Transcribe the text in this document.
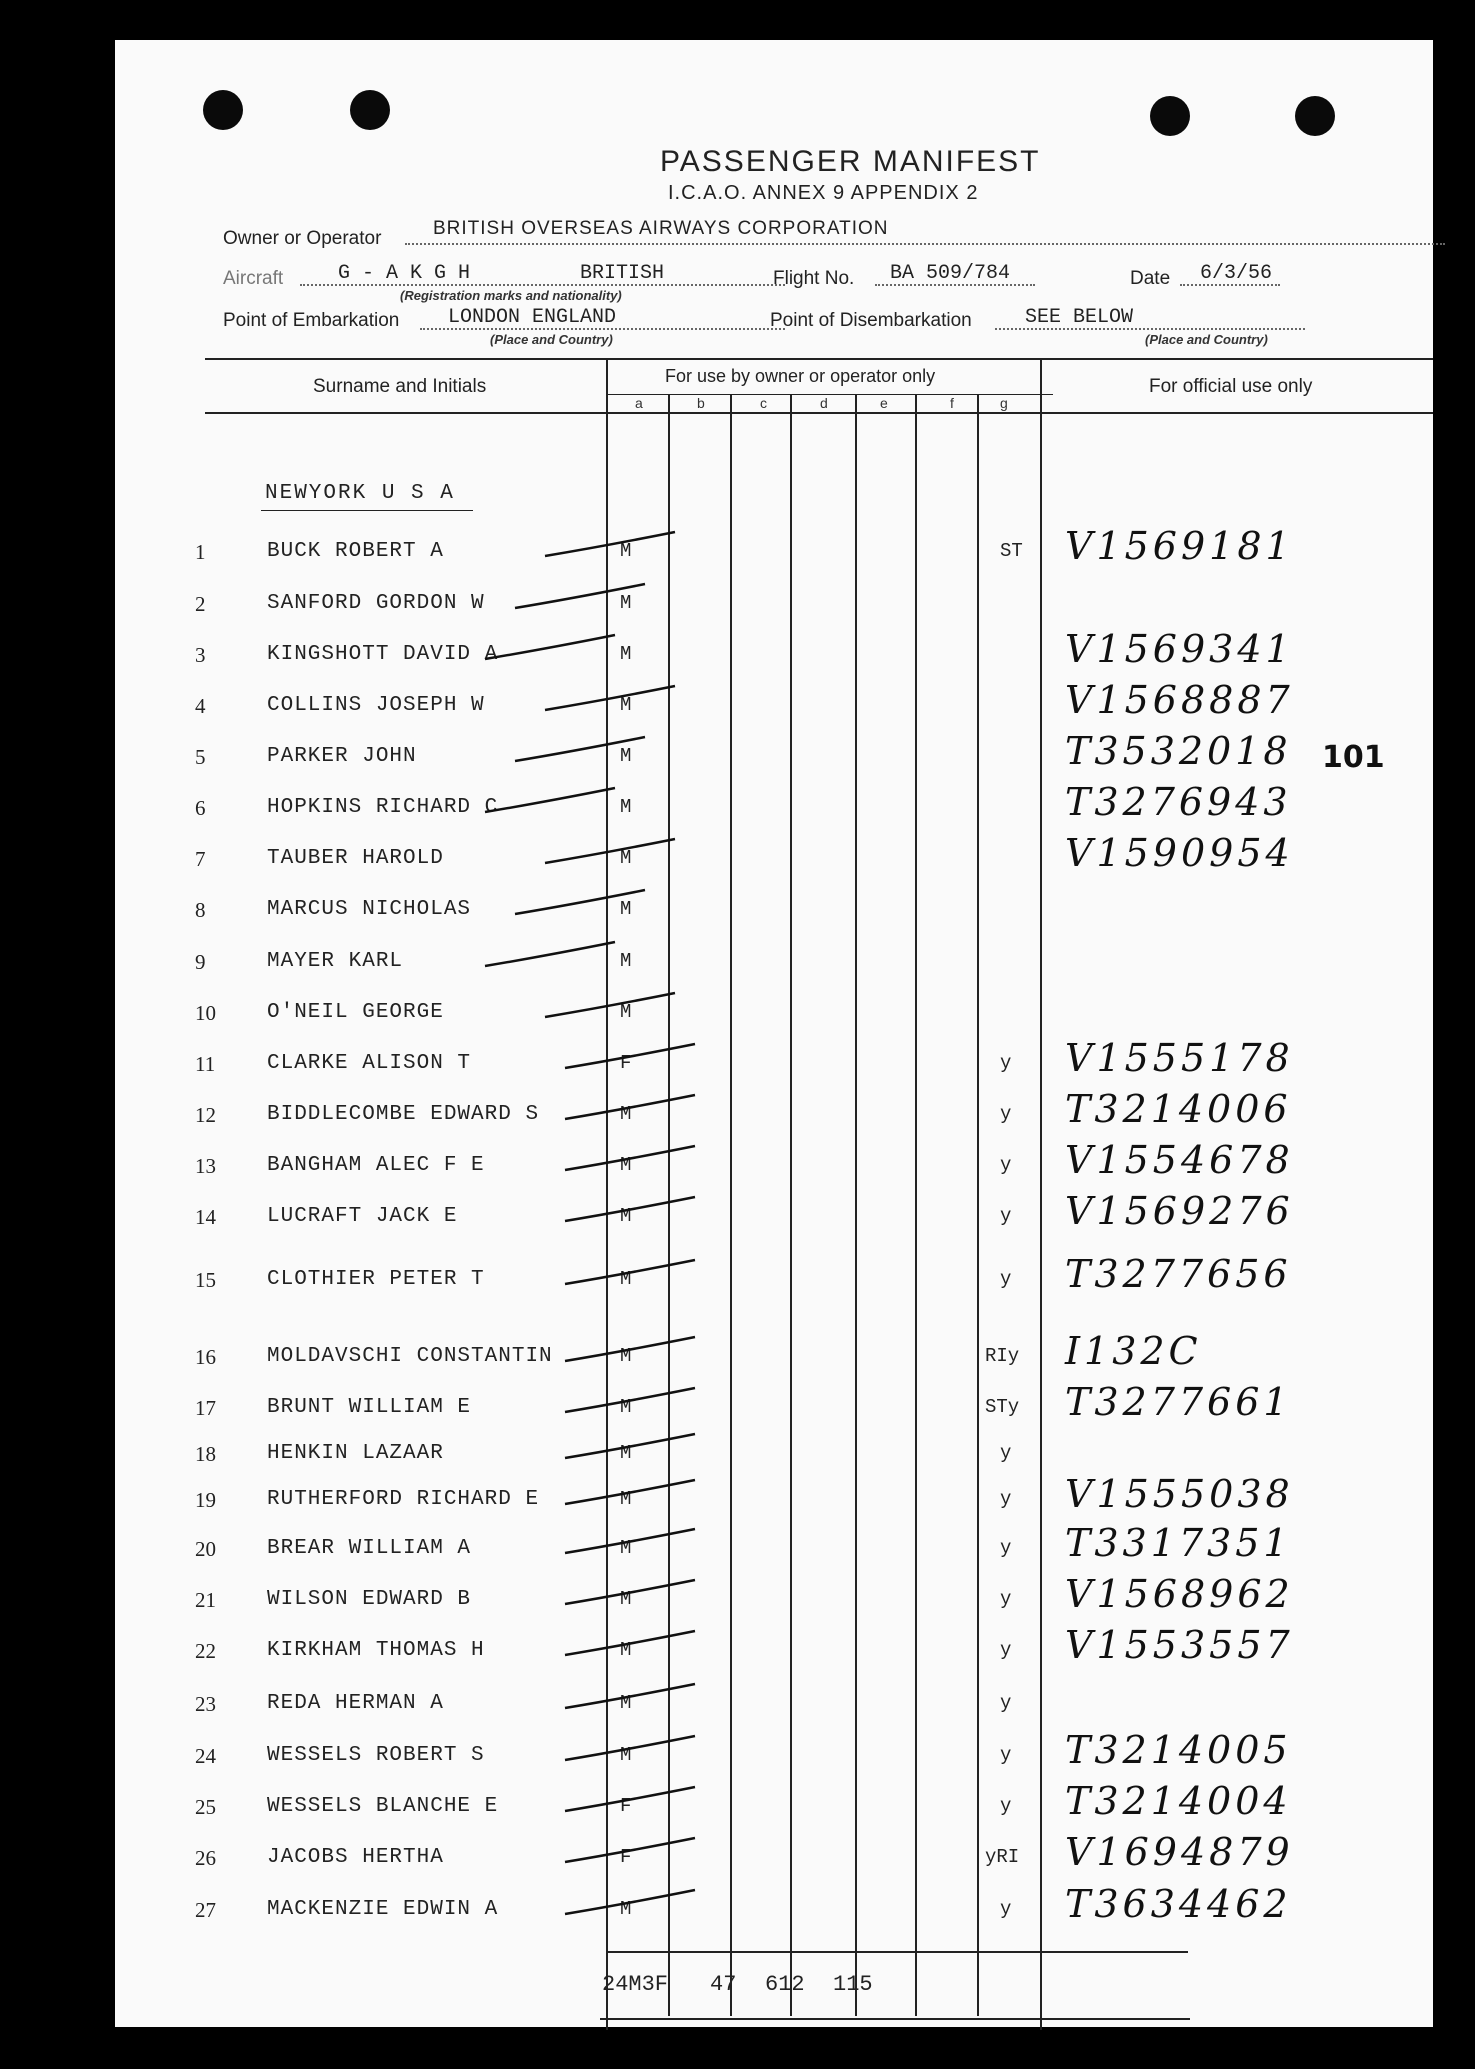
PASSENGER MANIFEST
I.C.A.O. ANNEX 9 APPENDIX 2
Owner or Operator	BRITISH OVERSEAS AIRWAYS CORPORATION
Aircraft	G - A K G H	BRITISH
(Registration marks and nationality)
Flight No. BA 509/784	Date 6/3/56
Point of Embarkation LONDON ENGLAND
(Place and Country)
Point of Disembarkation	SEE BELOW
(Place and Country)
Surname and Initials	For use by owner or operator only	For official use only
a	b	c	d	e	f	g
NEWYORK U S A
1	BUCK ROBERT A	M	ST V1569181
2	SANFORD GORDON W	M
3	KINGSHOTT DAVID A	M	V1569341
4	COLLINS JOSEPH W	M	V1568887
5	PARKER JOHN	M	T3532018
6	HOPKINS RICHARD C	M	T3276943
7	TAUBER HAROLD	M	V1590954
8	MARCUS NICHOLAS	M
9	MAYER KARL	M
10 O'NEIL GEORGE	M
11 CLARKE ALISON T	F	y V1555178
12 BIDDLECOMBE EDWARD S	M	y T3214006
13 BANGHAM ALEC F E	M	y V1554678
14 LUCRAFT JACK E	M	y V1569276
15 CLOTHIER PETER T	M	y T3277656
16 MOLDAVSCHI CONSTANTIN	M	RIy I132C
17 BRUNT WILLIAM E	M	STy T3277661
18 HENKIN LAZAAR	M	y
19 RUTHERFORD RICHARD E	M	y V1555038
20 BREAR WILLIAM A	M	y T3317351
21 WILSON EDWARD B	M	y V1568962
22 KIRKHAM THOMAS H	M	y V1553557
23 REDA HERMAN A	M	y
24 WESSELS ROBERT S	M	y T3214005
25 WESSELS BLANCHE E	F	y T3214004
26 JACOBS HERTHA	F	yRI V1694879
27 MACKENZIE EDWIN A	M	y T3634462
101
24M3F 47 612 115
